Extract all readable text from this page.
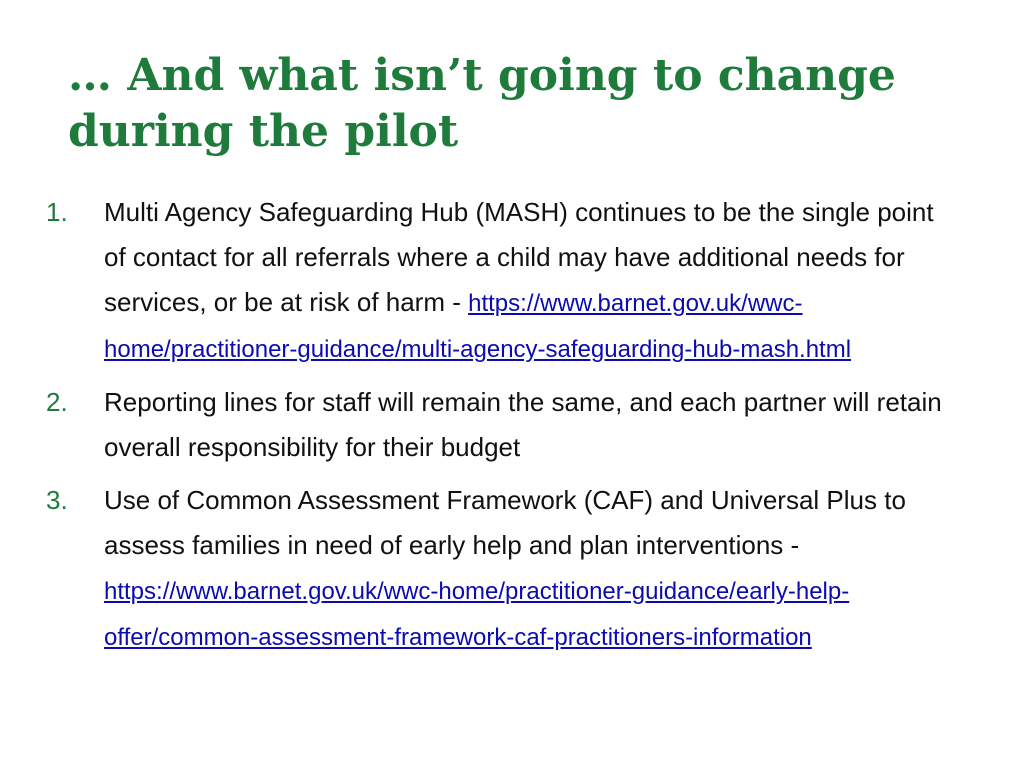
… And what isn’t going to change during the pilot
1. Multi Agency Safeguarding Hub (MASH) continues to be the single point of contact for all referrals where a child may have additional needs for services, or be at risk of harm - https://www.barnet.gov.uk/wwc-home/practitioner-guidance/multi-agency-safeguarding-hub-mash.html
2. Reporting lines for staff will remain the same, and each partner will retain overall responsibility for their budget
3. Use of Common Assessment Framework (CAF) and Universal Plus to assess families in need of early help and plan interventions - https://www.barnet.gov.uk/wwc-home/practitioner-guidance/early-help-offer/common-assessment-framework-caf-practitioners-information
